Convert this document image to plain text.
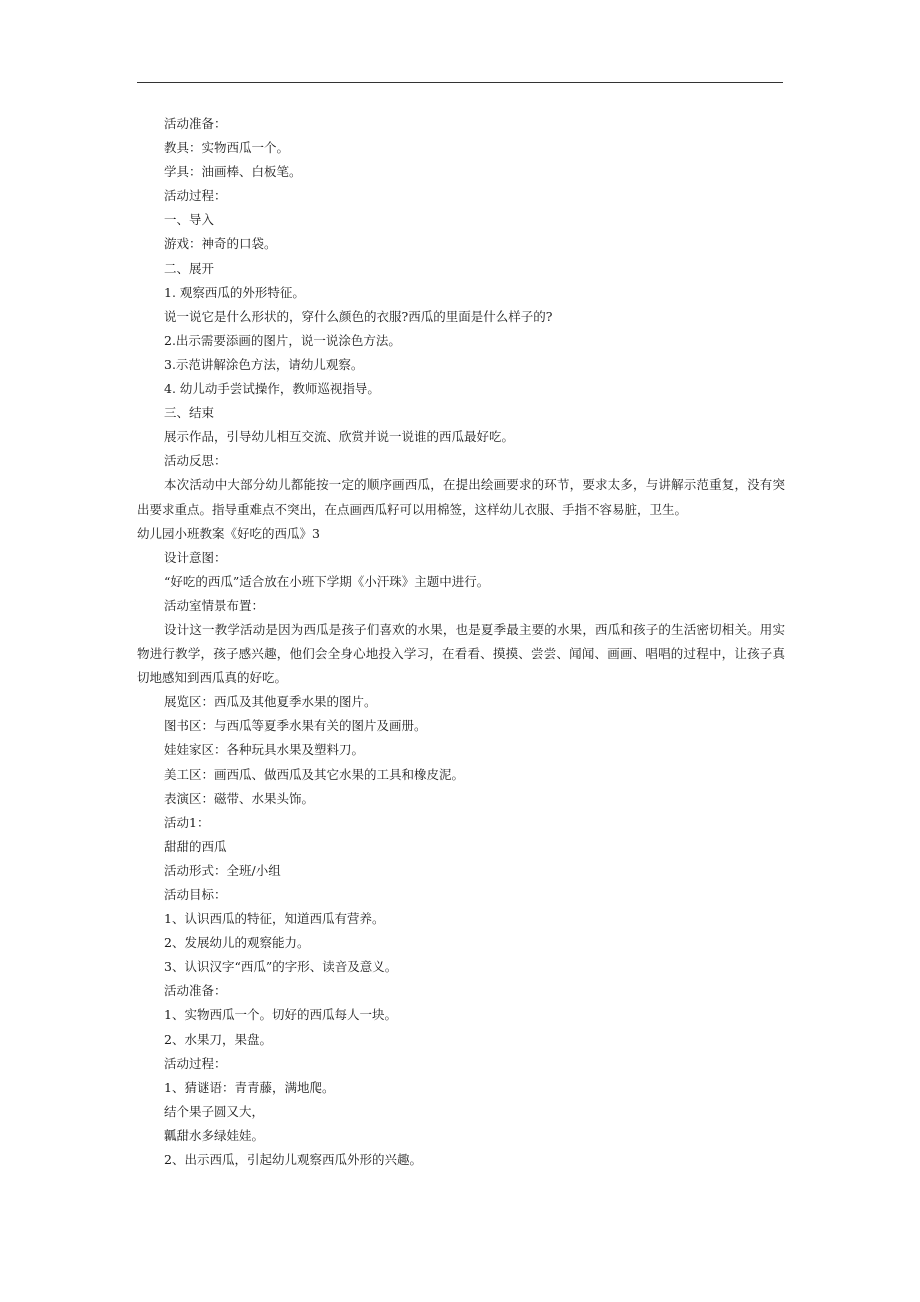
活动准备：
教具：实物西瓜一个。
学具：油画棒、白板笔。
活动过程：
一、导入
游戏：神奇的口袋。
二、展开
1. 观察西瓜的外形特征。
说一说它是什么形状的，穿什么颜色的衣服?西瓜的里面是什么样子的?
2.出示需要添画的图片，说一说涂色方法。
3.示范讲解涂色方法，请幼儿观察。
4. 幼儿动手尝试操作，教师巡视指导。
三、结束
展示作品，引导幼儿相互交流、欣赏并说一说谁的西瓜最好吃。
活动反思：

本次活动中大部分幼儿都能按一定的顺序画西瓜，在提出绘画要求的环节，要求太多，与讲解示范重复，没有突出要求重点。指导重难点不突出，在点画西瓜籽可以用棉签，这样幼儿衣服、手指不容易脏，卫生。

幼儿园小班教案《好吃的西瓜》3
设计意图：
“好吃的西瓜”适合放在小班下学期《小汗珠》主题中进行。
活动室情景布置：

设计这一教学活动是因为西瓜是孩子们喜欢的水果，也是夏季最主要的水果，西瓜和孩子的生活密切相关。用实物进行教学，孩子感兴趣，他们会全身心地投入学习，在看看、摸摸、尝尝、闻闻、画画、唱唱的过程中，让孩子真切地感知到西瓜真的好吃。

展览区：西瓜及其他夏季水果的图片。
图书区：与西瓜等夏季水果有关的图片及画册。
娃娃家区：各种玩具水果及塑料刀。
美工区：画西瓜、做西瓜及其它水果的工具和橡皮泥。
表演区：磁带、水果头饰。
活动1：
甜甜的西瓜
活动形式：全班/小组
活动目标：
1、认识西瓜的特征，知道西瓜有营养。
2、发展幼儿的观察能力。
3、认识汉字“西瓜”的字形、读音及意义。
活动准备：
1、实物西瓜一个。切好的西瓜每人一块。
2、水果刀，果盘。
活动过程：
1、猜谜语：青青藤，满地爬。
结个果子圆又大，
瓤甜水多绿娃娃。
2、出示西瓜，引起幼儿观察西瓜外形的兴趣。
